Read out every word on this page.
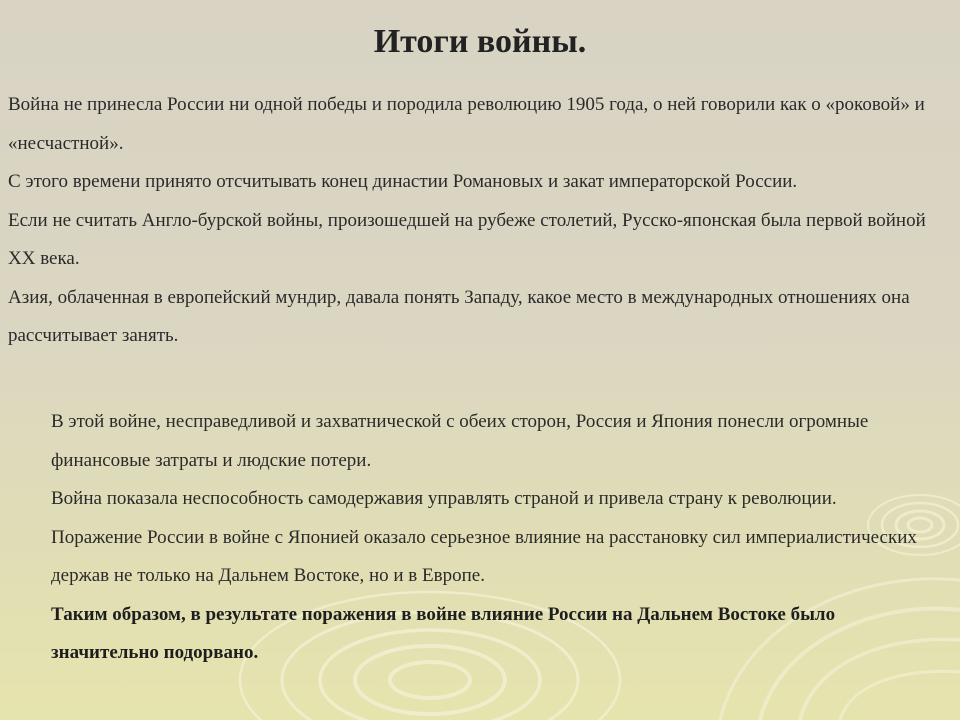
Итоги войны.

Война не принесла России ни одной победы и породила революцию 1905 года, о ней говорили как о «роковой» и «несчастной».

С этого времени принято отсчитывать конец династии Романовых и закат императорской России.

Если не считать Англо-бурской войны, произошедшей на рубеже столетий, Русско-японская была первой войной XX века.

Азия, облаченная в европейский мундир, давала понять Западу, какое место в международных отношениях она рассчитывает занять.

В этой войне, несправедливой и захватнической с обеих сторон, Россия и Япония понесли огромные финансовые затраты и людские потери.

Война показала неспособность самодержавия управлять страной и привела страну к революции.

Поражение России в войне с Японией оказало серьезное влияние на расстановку сил империалистических держав не только на Дальнем Востоке, но и в Европе.

Таким образом, в результате поражения в войне влияние России на Дальнем Востоке было значительно подорвано.
